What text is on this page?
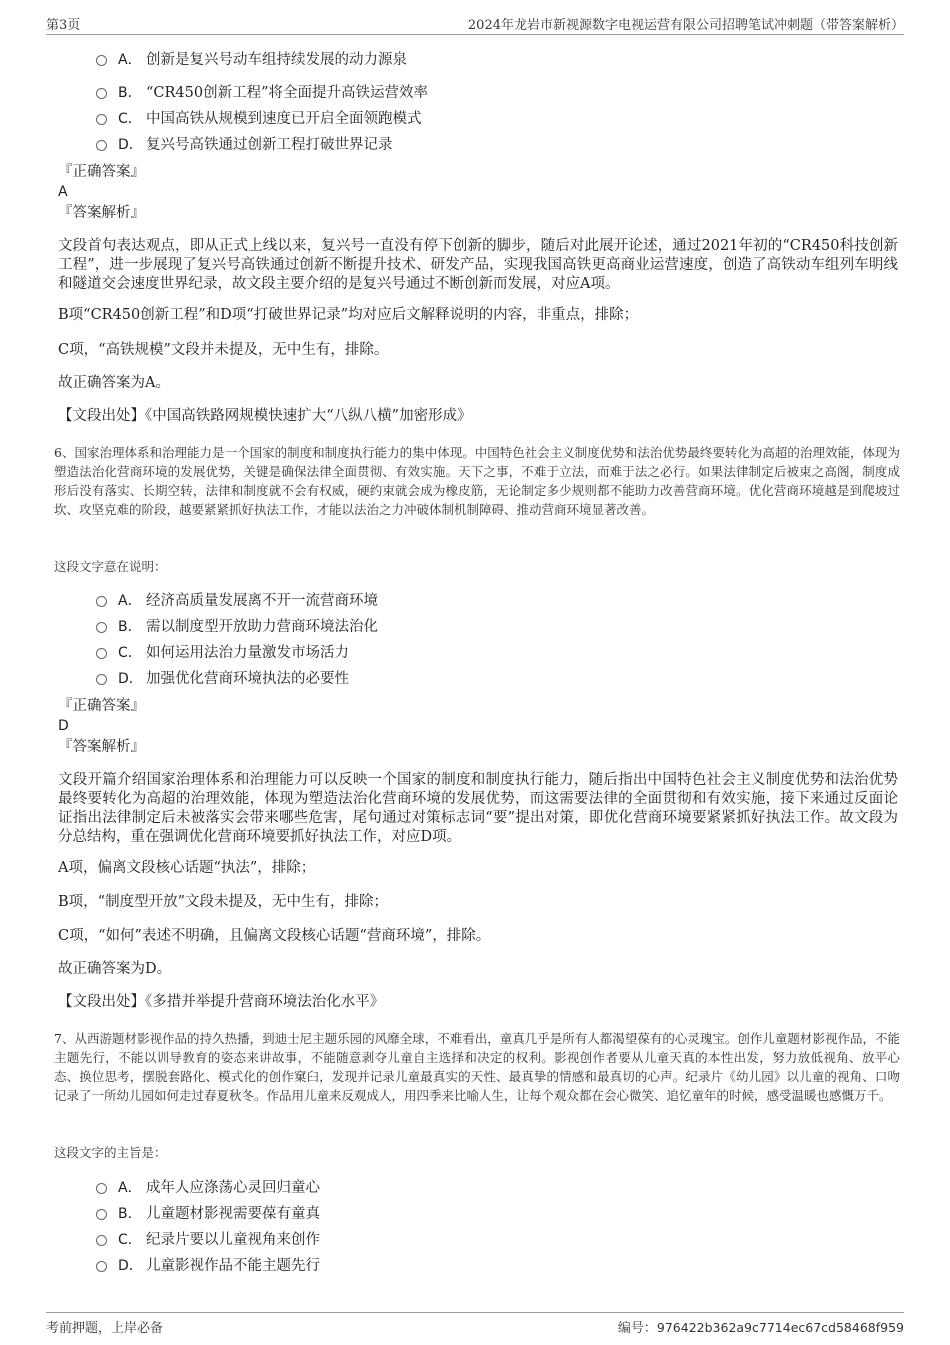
第3页	2024年龙岩市新视源数字电视运营有限公司招聘笔试冲刺题（带答案解析）
A． 创新是复兴号动车组持续发展的动力源泉
B． “CR450创新工程”将全面提升高铁运营效率
C． 中国高铁从规模到速度已开启全面领跑模式
D． 复兴号高铁通过创新工程打破世界记录
『正确答案』
A
『答案解析』
文段首句表达观点，即从正式上线以来，复兴号一直没有停下创新的脚步，随后对此展开论述，通过2021年初的“CR450科技创新工程”，进一步展现了复兴号高铁通过创新不断提升技术、研发产品，实现我国高铁更高商业运营速度，创造了高铁动车组列车明线和隧道交会速度世界纪录，故文段主要介绍的是复兴号通过不断创新而发展，对应A项。
B项“CR450创新工程”和D项“打破世界记录”均对应后文解释说明的内容，非重点，排除；
C项，“高铁规模”文段并未提及，无中生有，排除。
故正确答案为A。
【文段出处】《中国高铁路网规模快速扩大“八纵八横”加密形成》
6、国家治理体系和治理能力是一个国家的制度和制度执行能力的集中体现。中国特色社会主义制度优势和法治优势最终要转化为高超的治理效能，体现为塑造法治化营商环境的发展优势，关键是确保法律全面贯彻、有效实施。天下之事，不难于立法，而难于法之必行。如果法律制定后被束之高阁，制度成形后没有落实、长期空转，法律和制度就不会有权威，硬约束就会成为橡皮筋，无论制定多少规则都不能助力改善营商环境。优化营商环境越是到爬坡过坎、攻坚克难的阶段，越要紧紧抓好执法工作，才能以法治之力冲破体制机制障碍、推动营商环境显著改善。
这段文字意在说明：
A． 经济高质量发展离不开一流营商环境
B． 需以制度型开放助力营商环境法治化
C． 如何运用法治力量激发市场活力
D． 加强优化营商环境执法的必要性
『正确答案』
D
『答案解析』
文段开篇介绍国家治理体系和治理能力可以反映一个国家的制度和制度执行能力，随后指出中国特色社会主义制度优势和法治优势最终要转化为高超的治理效能，体现为塑造法治化营商环境的发展优势，而这需要法律的全面贯彻和有效实施，接下来通过反面论证指出法律制定后未被落实会带来哪些危害，尾句通过对策标志词“要”提出对策，即优化营商环境要紧紧抓好执法工作。故文段为分总结构，重在强调优化营商环境要抓好执法工作，对应D项。
A项，偏离文段核心话题“执法”，排除；
B项，“制度型开放”文段未提及，无中生有，排除；
C项，“如何”表述不明确，且偏离文段核心话题“营商环境”，排除。
故正确答案为D。
【文段出处】《多措并举提升营商环境法治化水平》
7、从西游题材影视作品的持久热播，到迪士尼主题乐园的风靡全球，不难看出，童真几乎是所有人都渴望葆有的心灵瑰宝。创作儿童题材影视作品，不能主题先行，不能以训导教育的姿态来讲故事，不能随意剥夺儿童自主选择和决定的权利。影视创作者要从儿童天真的本性出发，努力放低视角、放平心态、换位思考，摆脱套路化、模式化的创作窠臼，发现并记录儿童最真实的天性、最真挚的情感和最真切的心声。纪录片《幼儿园》以儿童的视角、口吻记录了一所幼儿园如何走过春夏秋冬。作品用儿童来反观成人，用四季来比喻人生，让每个观众都在会心微笑、追忆童年的时候，感受温暖也感慨万千。
这段文字的主旨是：
A． 成年人应涤荡心灵回归童心
B． 儿童题材影视需要葆有童真
C． 纪录片要以儿童视角来创作
D． 儿童影视作品不能主题先行
考前押题，上岸必备	编号：976422b362a9c7714ec67cd58468f959
